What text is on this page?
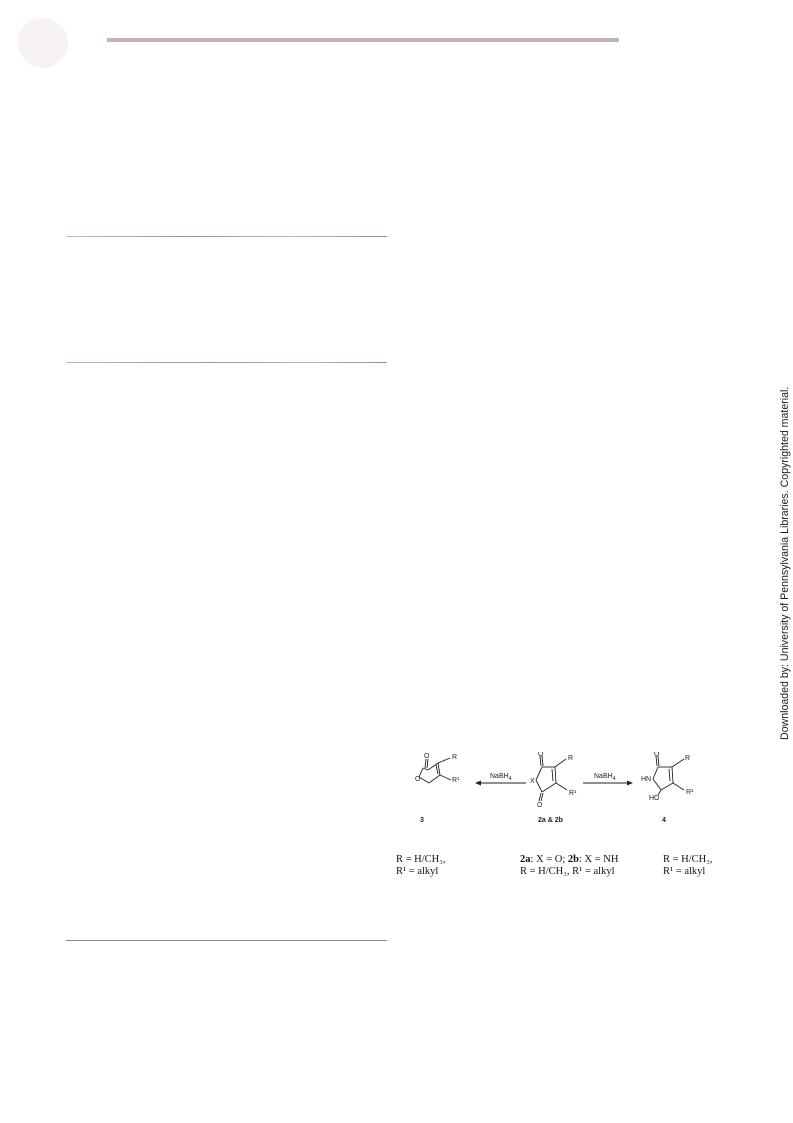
Downloaded by: University of Pennsylvania Libraries. Copyrighted material.
O
O
R
R¹
NaBH$_4$
O
X
O
R
R¹
NaBH$_4$
O
HN
HO
R
R¹
3	2a & 2b	4
R = H/CH₃,
R¹ = alkyl
2a: X = O; 2b: X = NH
R = H/CH₃, R¹ = alkyl
R = H/CH₃,
R¹ = alkyl
